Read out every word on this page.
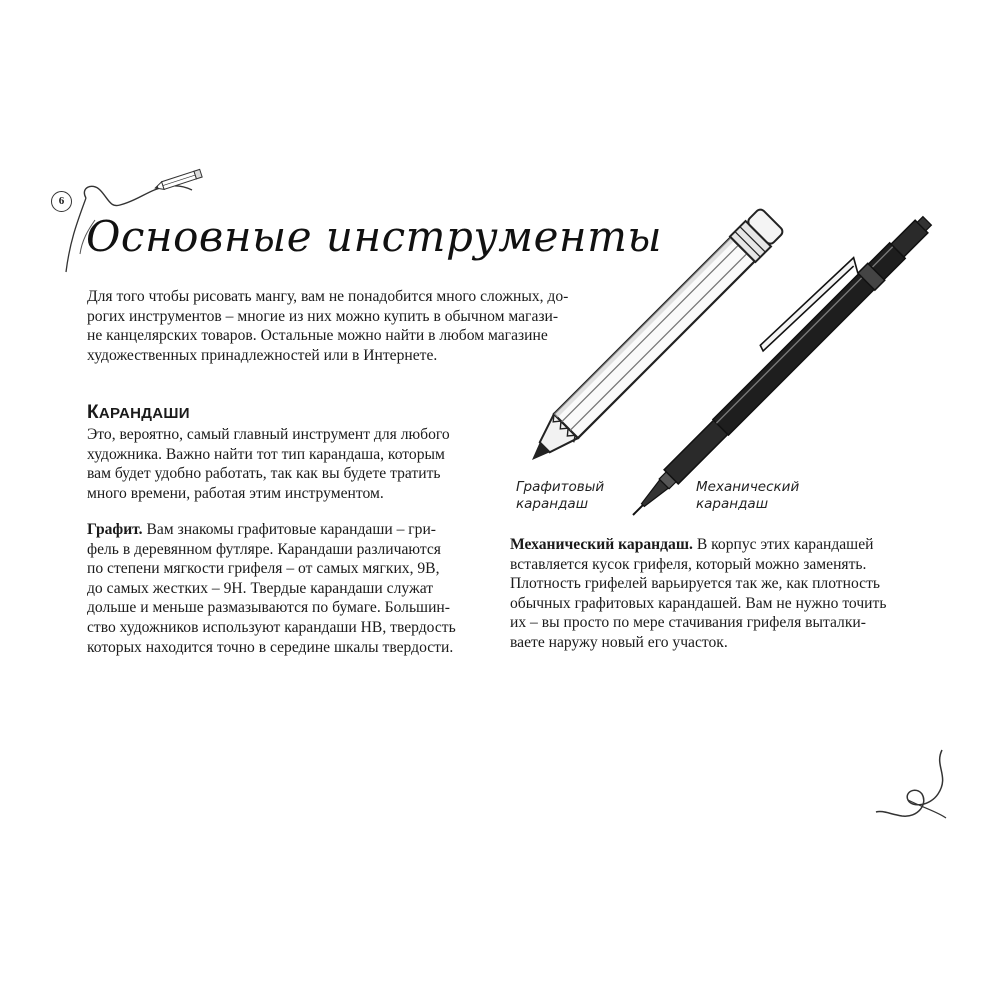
6
Основные инструменты
Для того чтобы рисовать мангу, вам не понадобится много сложных, до-
рогих инструментов – многие из них можно купить в обычном магази-
не канцелярских товаров. Остальные можно найти в любом магазине
художественных принадлежностей или в Интернете.
КАРАНДАШИ
Это, вероятно, самый главный инструмент для любого
художника. Важно найти тот тип карандаша, которым
вам будет удобно работать, так как вы будете тратить
много времени, работая этим инструментом.
Графит. Вам знакомы графитовые карандаши – гри-
фель в деревянном футляре. Карандаши различаются
по степени мягкости грифеля – от самых мягких, 9B,
до самых жестких – 9H. Твердые карандаши служат
дольше и меньше размазываются по бумаге. Большин-
ство художников используют карандаши HB, твердость
которых находится точно в середине шкалы твердости.
Механический карандаш. В корпус этих карандашей
вставляется кусок грифеля, который можно заменять.
Плотность грифелей варьируется так же, как плотность
обычных графитовых карандашей. Вам не нужно точить
их – вы просто по мере стачивания грифеля выталки-
ваете наружу новый его участок.
Графитовый
карандаш
Механический
карандаш
